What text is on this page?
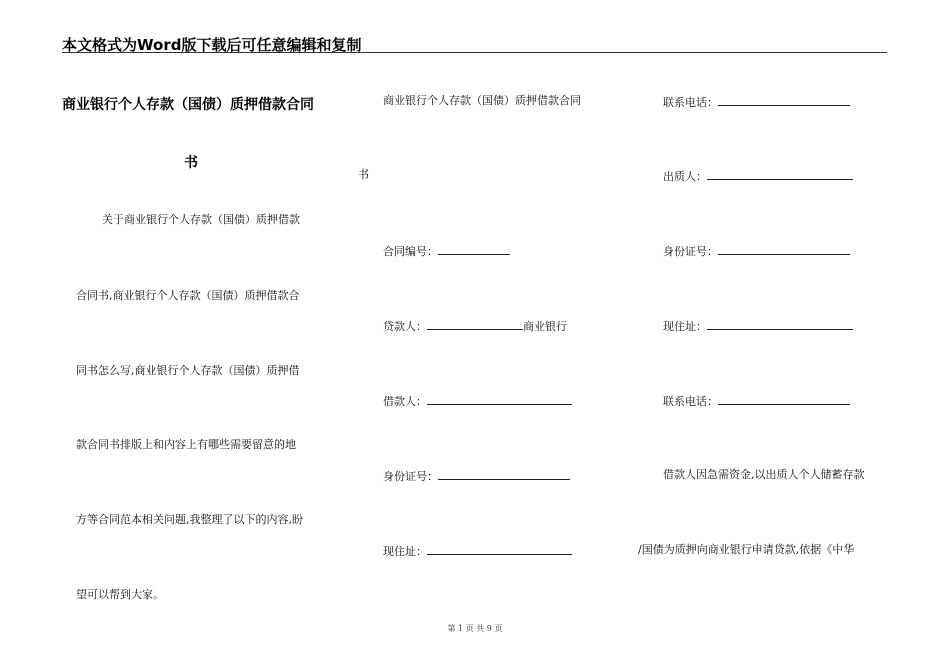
本文格式为Word版下载后可任意编辑和复制
商业银行个人存款（国债）质押借款合同
书
关于商业银行个人存款（国债）质押借款
合同书,商业银行个人存款（国债）质押借款合
同书怎么写,商业银行个人存款（国债）质押借
款合同书排版上和内容上有哪些需要留意的地
方等合同范本相关问题,我整理了以下的内容,盼
望可以帮到大家。
商业银行个人存款（国债）质押借款合同
书
合同编号：
贷款人：	商业银行
借款人：
身份证号：
现住址：
联系电话：
出质人：
身份证号：
现住址：
联系电话：
借款人因急需资金,以出质人个人储蓄存款
/国债为质押向商业银行申请贷款,依据《中华
第 1 页 共 9 页
